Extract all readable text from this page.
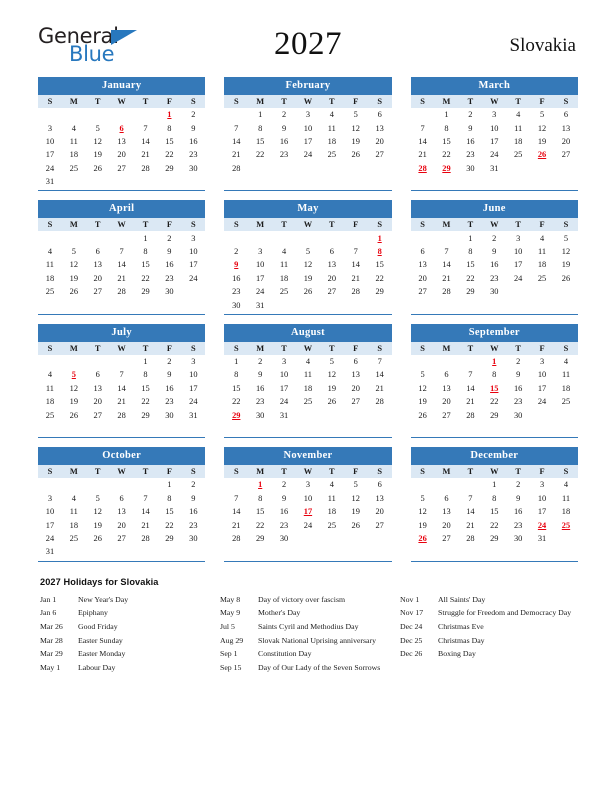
General
Blue	2027	Slovakia
January
S	M	T	W	T	F	S
					1	2
3	4	5	6	7	8	9
10	11	12	13	14	15	16
17	18	19	20	21	22	23
24	25	26	27	28	29	30
31						
February
S	M	T	W	T	F	S
	1	2	3	4	5	6
7	8	9	10	11	12	13
14	15	16	17	18	19	20
21	22	23	24	25	26	27
28						

March
S	M	T	W	T	F	S
	1	2	3	4	5	6
7	8	9	10	11	12	13
14	15	16	17	18	19	20
21	22	23	24	25	26	27
28	29	30	31			

April
S	M	T	W	T	F	S
				1	2	3
4	5	6	7	8	9	10
11	12	13	14	15	16	17
18	19	20	21	22	23	24
25	26	27	28	29	30	

May
S	M	T	W	T	F	S
						1
2	3	4	5	6	7	8
9	10	11	12	13	14	15
16	17	18	19	20	21	22
23	24	25	26	27	28	29
30	31					
June
S	M	T	W	T	F	S
		1	2	3	4	5
6	7	8	9	10	11	12
13	14	15	16	17	18	19
20	21	22	23	24	25	26
27	28	29	30			

July
S	M	T	W	T	F	S
				1	2	3
4	5	6	7	8	9	10
11	12	13	14	15	16	17
18	19	20	21	22	23	24
25	26	27	28	29	30	31

August
S	M	T	W	T	F	S
1	2	3	4	5	6	7
8	9	10	11	12	13	14
15	16	17	18	19	20	21
22	23	24	25	26	27	28
29	30	31				

September
S	M	T	W	T	F	S
			1	2	3	4
5	6	7	8	9	10	11
12	13	14	15	16	17	18
19	20	21	22	23	24	25
26	27	28	29	30		

October
S	M	T	W	T	F	S
					1	2
3	4	5	6	7	8	9
10	11	12	13	14	15	16
17	18	19	20	21	22	23
24	25	26	27	28	29	30
31						
November
S	M	T	W	T	F	S
	1	2	3	4	5	6
7	8	9	10	11	12	13
14	15	16	17	18	19	20
21	22	23	24	25	26	27
28	29	30				

December
S	M	T	W	T	F	S
			1	2	3	4
5	6	7	8	9	10	11
12	13	14	15	16	17	18
19	20	21	22	23	24	25
26	27	28	29	30	31	

2027 Holidays for Slovakia
Jan 1	New Year's Day
Jan 6	Epiphany
Mar 26	Good Friday
Mar 28	Easter Sunday
Mar 29	Easter Monday
May 1	Labour Day
May 8	Day of victory over fascism
May 9	Mother's Day
Jul 5	Saints Cyril and Methodius Day
Aug 29	Slovak National Uprising anniversary
Sep 1	Constitution Day
Sep 15	Day of Our Lady of the Seven Sorrows
Nov 1	All Saints' Day
Nov 17	Struggle for Freedom and Democracy Day
Dec 24	Christmas Eve
Dec 25	Christmas Day
Dec 26	Boxing Day
